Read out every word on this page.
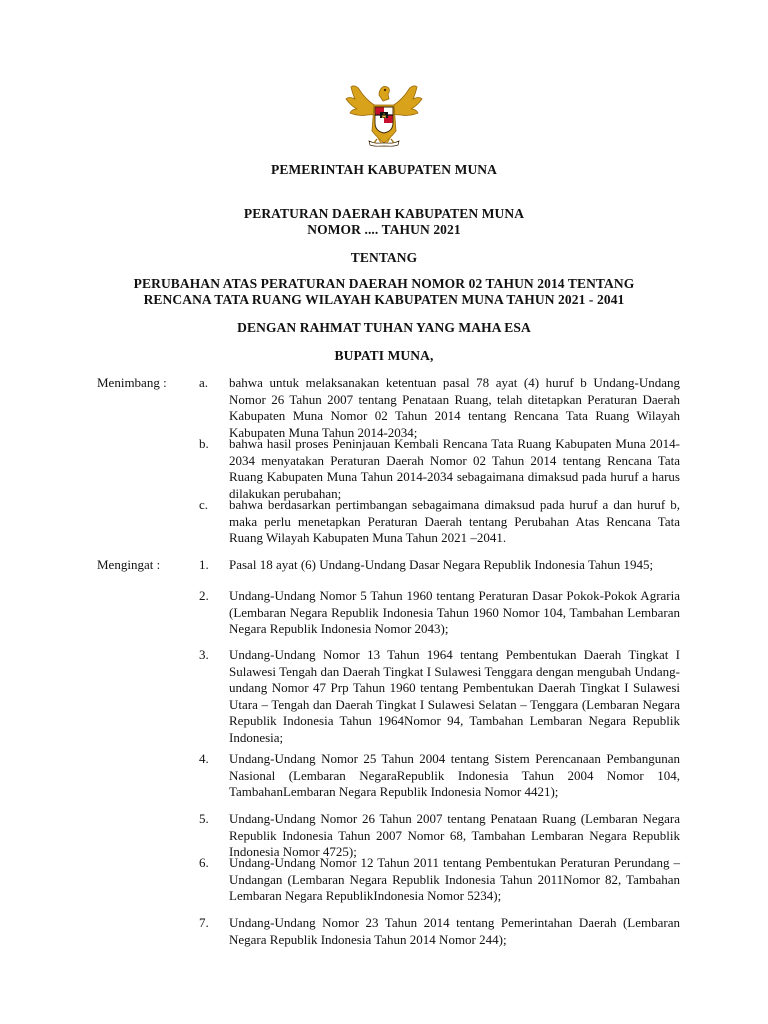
PEMERINTAH KABUPATEN MUNA
PERATURAN DAERAH KABUPATEN MUNA
NOMOR .... TAHUN 2021
TENTANG
PERUBAHAN ATAS PERATURAN DAERAH NOMOR 02 TAHUN 2014 TENTANG
RENCANA TATA RUANG WILAYAH KABUPATEN MUNA TAHUN 2021 - 2041
DENGAN RAHMAT TUHAN YANG MAHA ESA
BUPATI MUNA,
Menimbang : a. bahwa untuk melaksanakan ketentuan pasal 78 ayat (4) huruf b Undang-Undang Nomor 26 Tahun 2007 tentang Penataan Ruang, telah ditetapkan Peraturan Daerah Kabupaten Muna Nomor 02 Tahun 2014 tentang Rencana Tata Ruang Wilayah Kabupaten Muna Tahun 2014-2034;
b. bahwa hasil proses Peninjauan Kembali Rencana Tata Ruang Kabupaten Muna 2014-2034 menyatakan Peraturan Daerah Nomor 02 Tahun 2014 tentang Rencana Tata Ruang Kabupaten Muna Tahun 2014-2034 sebagaimana dimaksud pada huruf a harus dilakukan perubahan;
c. bahwa berdasarkan pertimbangan sebagaimana dimaksud pada huruf a dan huruf b, maka perlu menetapkan Peraturan Daerah tentang Perubahan Atas Rencana Tata Ruang Wilayah Kabupaten Muna Tahun 2021 –2041.
Mengingat :	1. Pasal 18 ayat (6) Undang-Undang Dasar Negara Republik Indonesia Tahun 1945;
2. Undang-Undang Nomor 5 Tahun 1960 tentang Peraturan Dasar Pokok-Pokok Agraria (Lembaran Negara Republik Indonesia Tahun 1960 Nomor 104, Tambahan Lembaran Negara Republik Indonesia Nomor 2043);
3. Undang-Undang Nomor 13 Tahun 1964 tentang Pembentukan Daerah Tingkat I Sulawesi Tengah dan Daerah Tingkat I Sulawesi Tenggara dengan mengubah Undang-undang Nomor 47 Prp Tahun 1960 tentang Pembentukan Daerah Tingkat I Sulawesi Utara – Tengah dan Daerah Tingkat I Sulawesi Selatan – Tenggara (Lembaran Negara Republik Indonesia Tahun 1964Nomor 94, Tambahan Lembaran Negara Republik Indonesia;
4. Undang-Undang Nomor 25 Tahun 2004 tentang Sistem Perencanaan Pembangunan Nasional (Lembaran NegaraRepublik Indonesia Tahun 2004 Nomor 104, TambahanLembaran Negara Republik Indonesia Nomor 4421);
5. Undang-Undang Nomor 26 Tahun 2007 tentang Penataan Ruang (Lembaran Negara Republik Indonesia Tahun 2007 Nomor 68, Tambahan Lembaran Negara Republik Indonesia Nomor 4725);
6. Undang-Undang Nomor 12 Tahun 2011 tentang Pembentukan Peraturan Perundang – Undangan (Lembaran Negara Republik Indonesia Tahun 2011Nomor 82, Tambahan Lembaran Negara RepublikIndonesia Nomor 5234);
7. Undang-Undang Nomor 23 Tahun 2014 tentang Pemerintahan Daerah (Lembaran Negara Republik Indonesia Tahun 2014 Nomor 244);
